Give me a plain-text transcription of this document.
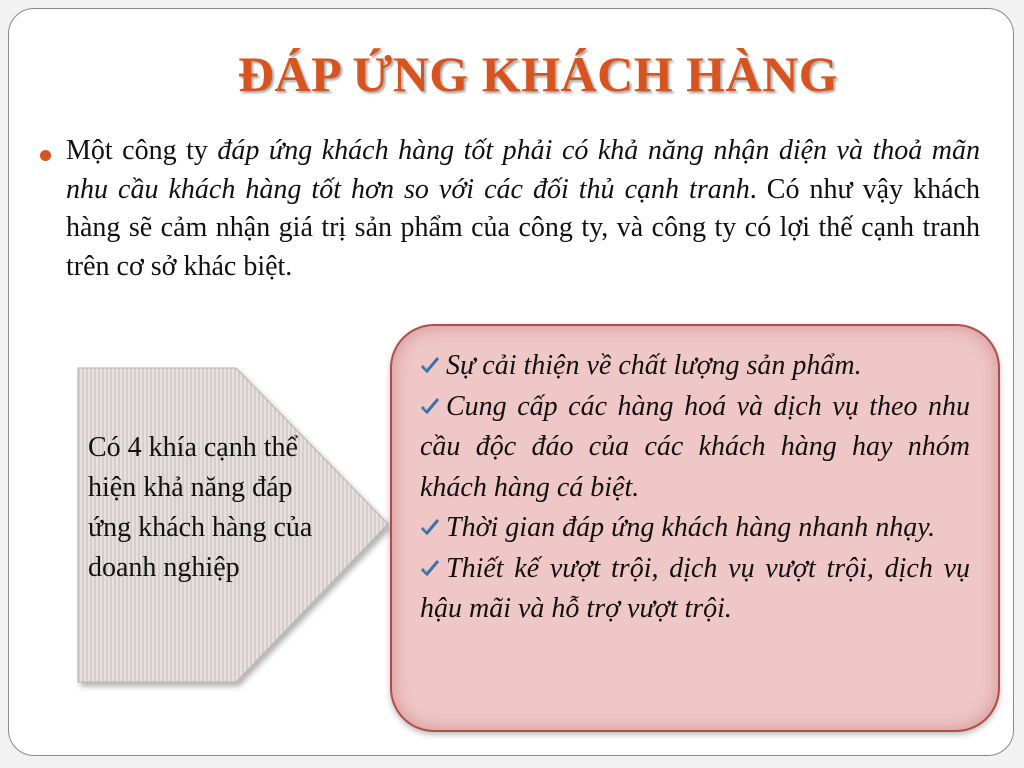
ĐÁP ỨNG KHÁCH HÀNG

Một công ty đáp ứng khách hàng tốt phải có khả năng nhận diện và thoả mãn nhu cầu khách hàng tốt hơn so với các đối thủ cạnh tranh. Có như vậy khách hàng sẽ cảm nhận giá trị sản phẩm của công ty, và công ty có lợi thế cạnh tranh trên cơ sở khác biệt.

Có 4 khía cạnh thể hiện khả năng đáp ứng khách hàng của doanh nghiệp

Sự cải thiện về chất lượng sản phẩm.
Cung cấp các hàng hoá và dịch vụ theo nhu cầu độc đáo của các khách hàng hay nhóm khách hàng cá biệt.
Thời gian đáp ứng khách hàng nhanh nhạy.
Thiết kế vượt trội, dịch vụ vượt trội, dịch vụ hậu mãi và hỗ trợ vượt trội.
